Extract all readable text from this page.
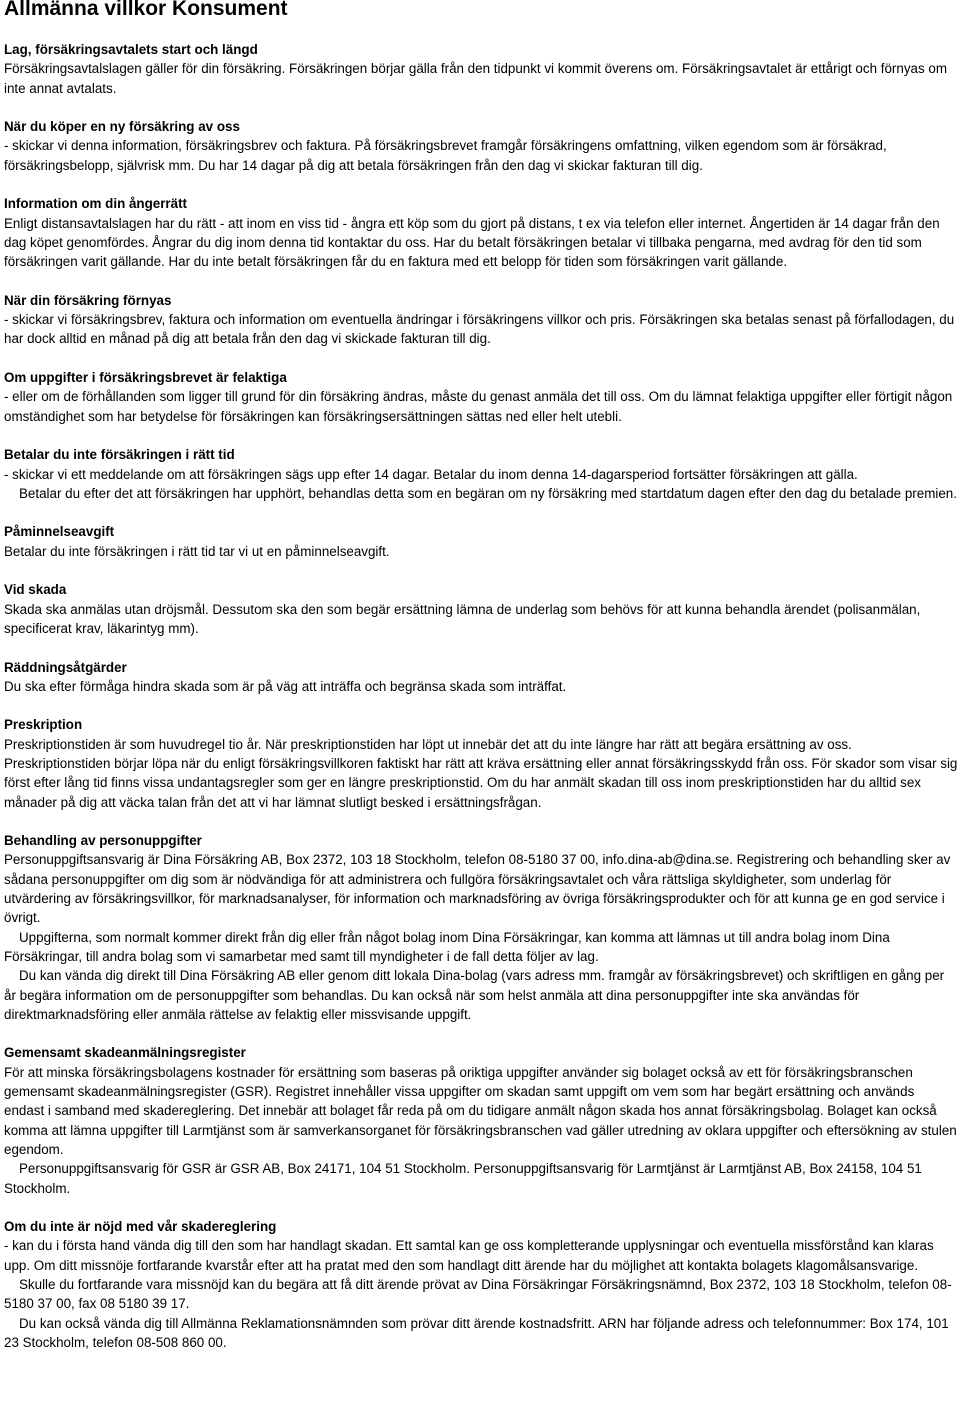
Allmänna villkor Konsument
Lag, försäkringsavtalets start och längd
Försäkringsavtalslagen gäller för din försäkring. Försäkringen börjar gälla från den tidpunkt vi kommit överens om. Försäkringsavtalet är ettårigt och förnyas om inte annat avtalats.
När du köper en ny försäkring av oss
- skickar vi denna information, försäkringsbrev och faktura. På försäkringsbrevet framgår försäkringens omfattning, vilken egendom som är försäkrad, försäkringsbelopp, självrisk mm. Du har 14 dagar på dig att betala försäkringen från den dag vi skickar fakturan till dig.
Information om din ångerrätt
Enligt distansavtalslagen har du rätt - att inom en viss tid - ångra ett köp som du gjort på distans, t ex via telefon eller internet. Ångertiden är 14 dagar från den dag köpet genomfördes. Ångrar du dig inom denna tid kontaktar du oss. Har du betalt försäkringen betalar vi tillbaka pengarna, med avdrag för den tid som försäkringen varit gällande. Har du inte betalt försäkringen får du en faktura med ett belopp för tiden som försäkringen varit gällande.
När din försäkring förnyas
- skickar vi försäkringsbrev, faktura och information om eventuella ändringar i försäkringens villkor och pris. Försäkringen ska betalas senast på förfallodagen, du har dock alltid en månad på dig att betala från den dag vi skickade fakturan till dig.
Om uppgifter i försäkringsbrevet är felaktiga
- eller om de förhållanden som ligger till grund för din försäkring ändras, måste du genast anmäla det till oss. Om du lämnat felaktiga uppgifter eller förtigit någon omständighet som har betydelse för försäkringen kan försäkringsersättningen sättas ned eller helt utebli.
Betalar du inte försäkringen i rätt tid
- skickar vi ett meddelande om att försäkringen sägs upp efter 14 dagar. Betalar du inom denna 14-dagarsperiod fortsätter försäkringen att gälla.
Betalar du efter det att försäkringen har upphört, behandlas detta som en begäran om ny försäkring med startdatum dagen efter den dag du betalade premien.
Påminnelseavgift
Betalar du inte försäkringen i rätt tid tar vi ut en påminnelseavgift.
Vid skada
Skada ska anmälas utan dröjsmål. Dessutom ska den som begär ersättning lämna de underlag som behövs för att kunna behandla ärendet (polisanmälan, specificerat krav, läkarintyg mm).
Räddningsåtgärder
Du ska efter förmåga hindra skada som är på väg att inträffa och begränsa skada som inträffat.
Preskription
Preskriptionstiden är som huvudregel tio år. När preskriptionstiden har löpt ut innebär det att du inte längre har rätt att begära ersättning av oss. Preskriptionstiden börjar löpa när du enligt försäkringsvillkoren faktiskt har rätt att kräva ersättning eller annat försäkringsskydd från oss. För skador som visar sig först efter lång tid finns vissa undantagsregler som ger en längre preskriptionstid. Om du har anmält skadan till oss inom preskriptionstiden har du alltid sex månader på dig att väcka talan från det att vi har lämnat slutligt besked i ersättningsfrågan.
Behandling av personuppgifter
Personuppgiftsansvarig är Dina Försäkring AB, Box 2372, 103 18 Stockholm, telefon 08-5180 37 00, info.dina-ab@dina.se. Registrering och behandling sker av sådana personuppgifter om dig som är nödvändiga för att administrera och fullgöra försäkringsavtalet och våra rättsliga skyldigheter, som underlag för utvärdering av försäkringsvillkor, för marknadsanalyser, för information och marknadsföring av övriga försäkringsprodukter och för att kunna ge en god service i övrigt.
Uppgifterna, som normalt kommer direkt från dig eller från något bolag inom Dina Försäkringar, kan komma att lämnas ut till andra bolag inom Dina Försäkringar, till andra bolag som vi samarbetar med samt till myndigheter i de fall detta följer av lag.
Du kan vända dig direkt till Dina Försäkring AB eller genom ditt lokala Dina-bolag (vars adress mm. framgår av försäkringsbrevet) och skriftligen en gång per år begära information om de personuppgifter som behandlas. Du kan också när som helst anmäla att dina personuppgifter inte ska användas för direktmarknadsföring eller anmäla rättelse av felaktig eller missvisande uppgift.
Gemensamt skadeanmälningsregister
För att minska försäkringsbolagens kostnader för ersättning som baseras på oriktiga uppgifter använder sig bolaget också av ett för försäkringsbranschen gemensamt skadeanmälningsregister (GSR). Registret innehåller vissa uppgifter om skadan samt uppgift om vem som har begärt ersättning och används endast i samband med skadereglering. Det innebär att bolaget får reda på om du tidigare anmält någon skada hos annat försäkringsbolag. Bolaget kan också komma att lämna uppgifter till Larmtjänst som är samverkansorganet för försäkringsbranschen vad gäller utredning av oklara uppgifter och eftersökning av stulen egendom.
Personuppgiftsansvarig för GSR är GSR AB, Box 24171, 104 51 Stockholm. Personuppgiftsansvarig för Larmtjänst är Larmtjänst AB, Box 24158, 104 51 Stockholm.
Om du inte är nöjd med vår skadereglering
- kan du i första hand vända dig till den som har handlagt skadan. Ett samtal kan ge oss kompletterande upplysningar och eventuella missförstånd kan klaras upp. Om ditt missnöje fortfarande kvarstår efter att ha pratat med den som handlagt ditt ärende har du möjlighet att kontakta bolagets klagomålsansvarige.
Skulle du fortfarande vara missnöjd kan du begära att få ditt ärende prövat av Dina Försäkringar Försäkringsnämnd, Box 2372, 103 18 Stockholm, telefon 08-5180 37 00, fax 08 5180 39 17.
Du kan också vända dig till Allmänna Reklamationsnämnden som prövar ditt ärende kostnadsfritt. ARN har följande adress och telefonnummer: Box 174, 101 23 Stockholm, telefon 08-508 860 00.
